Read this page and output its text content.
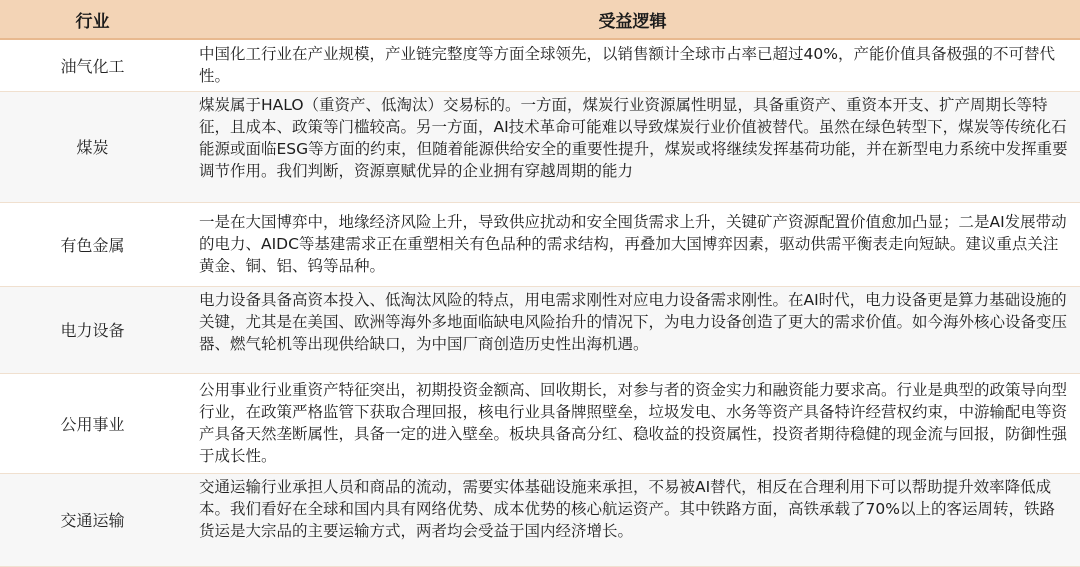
行业	受益逻辑
油气化工	中国化工行业在产业规模，产业链完整度等方面全球领先，以销售额计全球市占率已超过40%，产能价值具备极强的不可替代性。

煤炭	煤炭属于HALO（重资产、低淘汰）交易标的。一方面，煤炭行业资源属性明显，具备重资产、重资本开支、扩产周期长等特征，且成本、政策等门槛较高。另一方面，AI技术革命可能难以导致煤炭行业价值被替代。虽然在绿色转型下，煤炭等传统化石能源或面临ESG等方面的约束，但随着能源供给安全的重要性提升，煤炭或将继续发挥基荷功能，并在新型电力系统中发挥重要调节作用。我们判断，资源禀赋优异的企业拥有穿越周期的能力

有色金属	一是在大国博弈中，地缘经济风险上升，导致供应扰动和安全囤货需求上升，关键矿产资源配置价值愈加凸显；二是AI发展带动的电力、AIDC等基建需求正在重塑相关有色品种的需求结构，再叠加大国博弈因素，驱动供需平衡表走向短缺。建议重点关注黄金、铜、铝、钨等品种。

电力设备	电力设备具备高资本投入、低淘汰风险的特点，用电需求刚性对应电力设备需求刚性。在AI时代，电力设备更是算力基础设施的关键，尤其是在美国、欧洲等海外多地面临缺电风险抬升的情况下，为电力设备创造了更大的需求价值。如今海外核心设备变压器、燃气轮机等出现供给缺口，为中国厂商创造历史性出海机遇。

公用事业	公用事业行业重资产特征突出，初期投资金额高、回收期长，对参与者的资金实力和融资能力要求高。行业是典型的政策导向型行业，在政策严格监管下获取合理回报，核电行业具备牌照壁垒，垃圾发电、水务等资产具备特许经营权约束，中游输配电等资产具备天然垄断属性，具备一定的进入壁垒。板块具备高分红、稳收益的投资属性，投资者期待稳健的现金流与回报，防御性强于成长性。

交通运输	交通运输行业承担人员和商品的流动，需要实体基础设施来承担，不易被AI替代，相反在合理利用下可以帮助提升效率降低成本。我们看好在全球和国内具有网络优势、成本优势的核心航运资产。其中铁路方面，高铁承载了70%以上的客运周转，铁路货运是大宗品的主要运输方式，两者均会受益于国内经济增长。
